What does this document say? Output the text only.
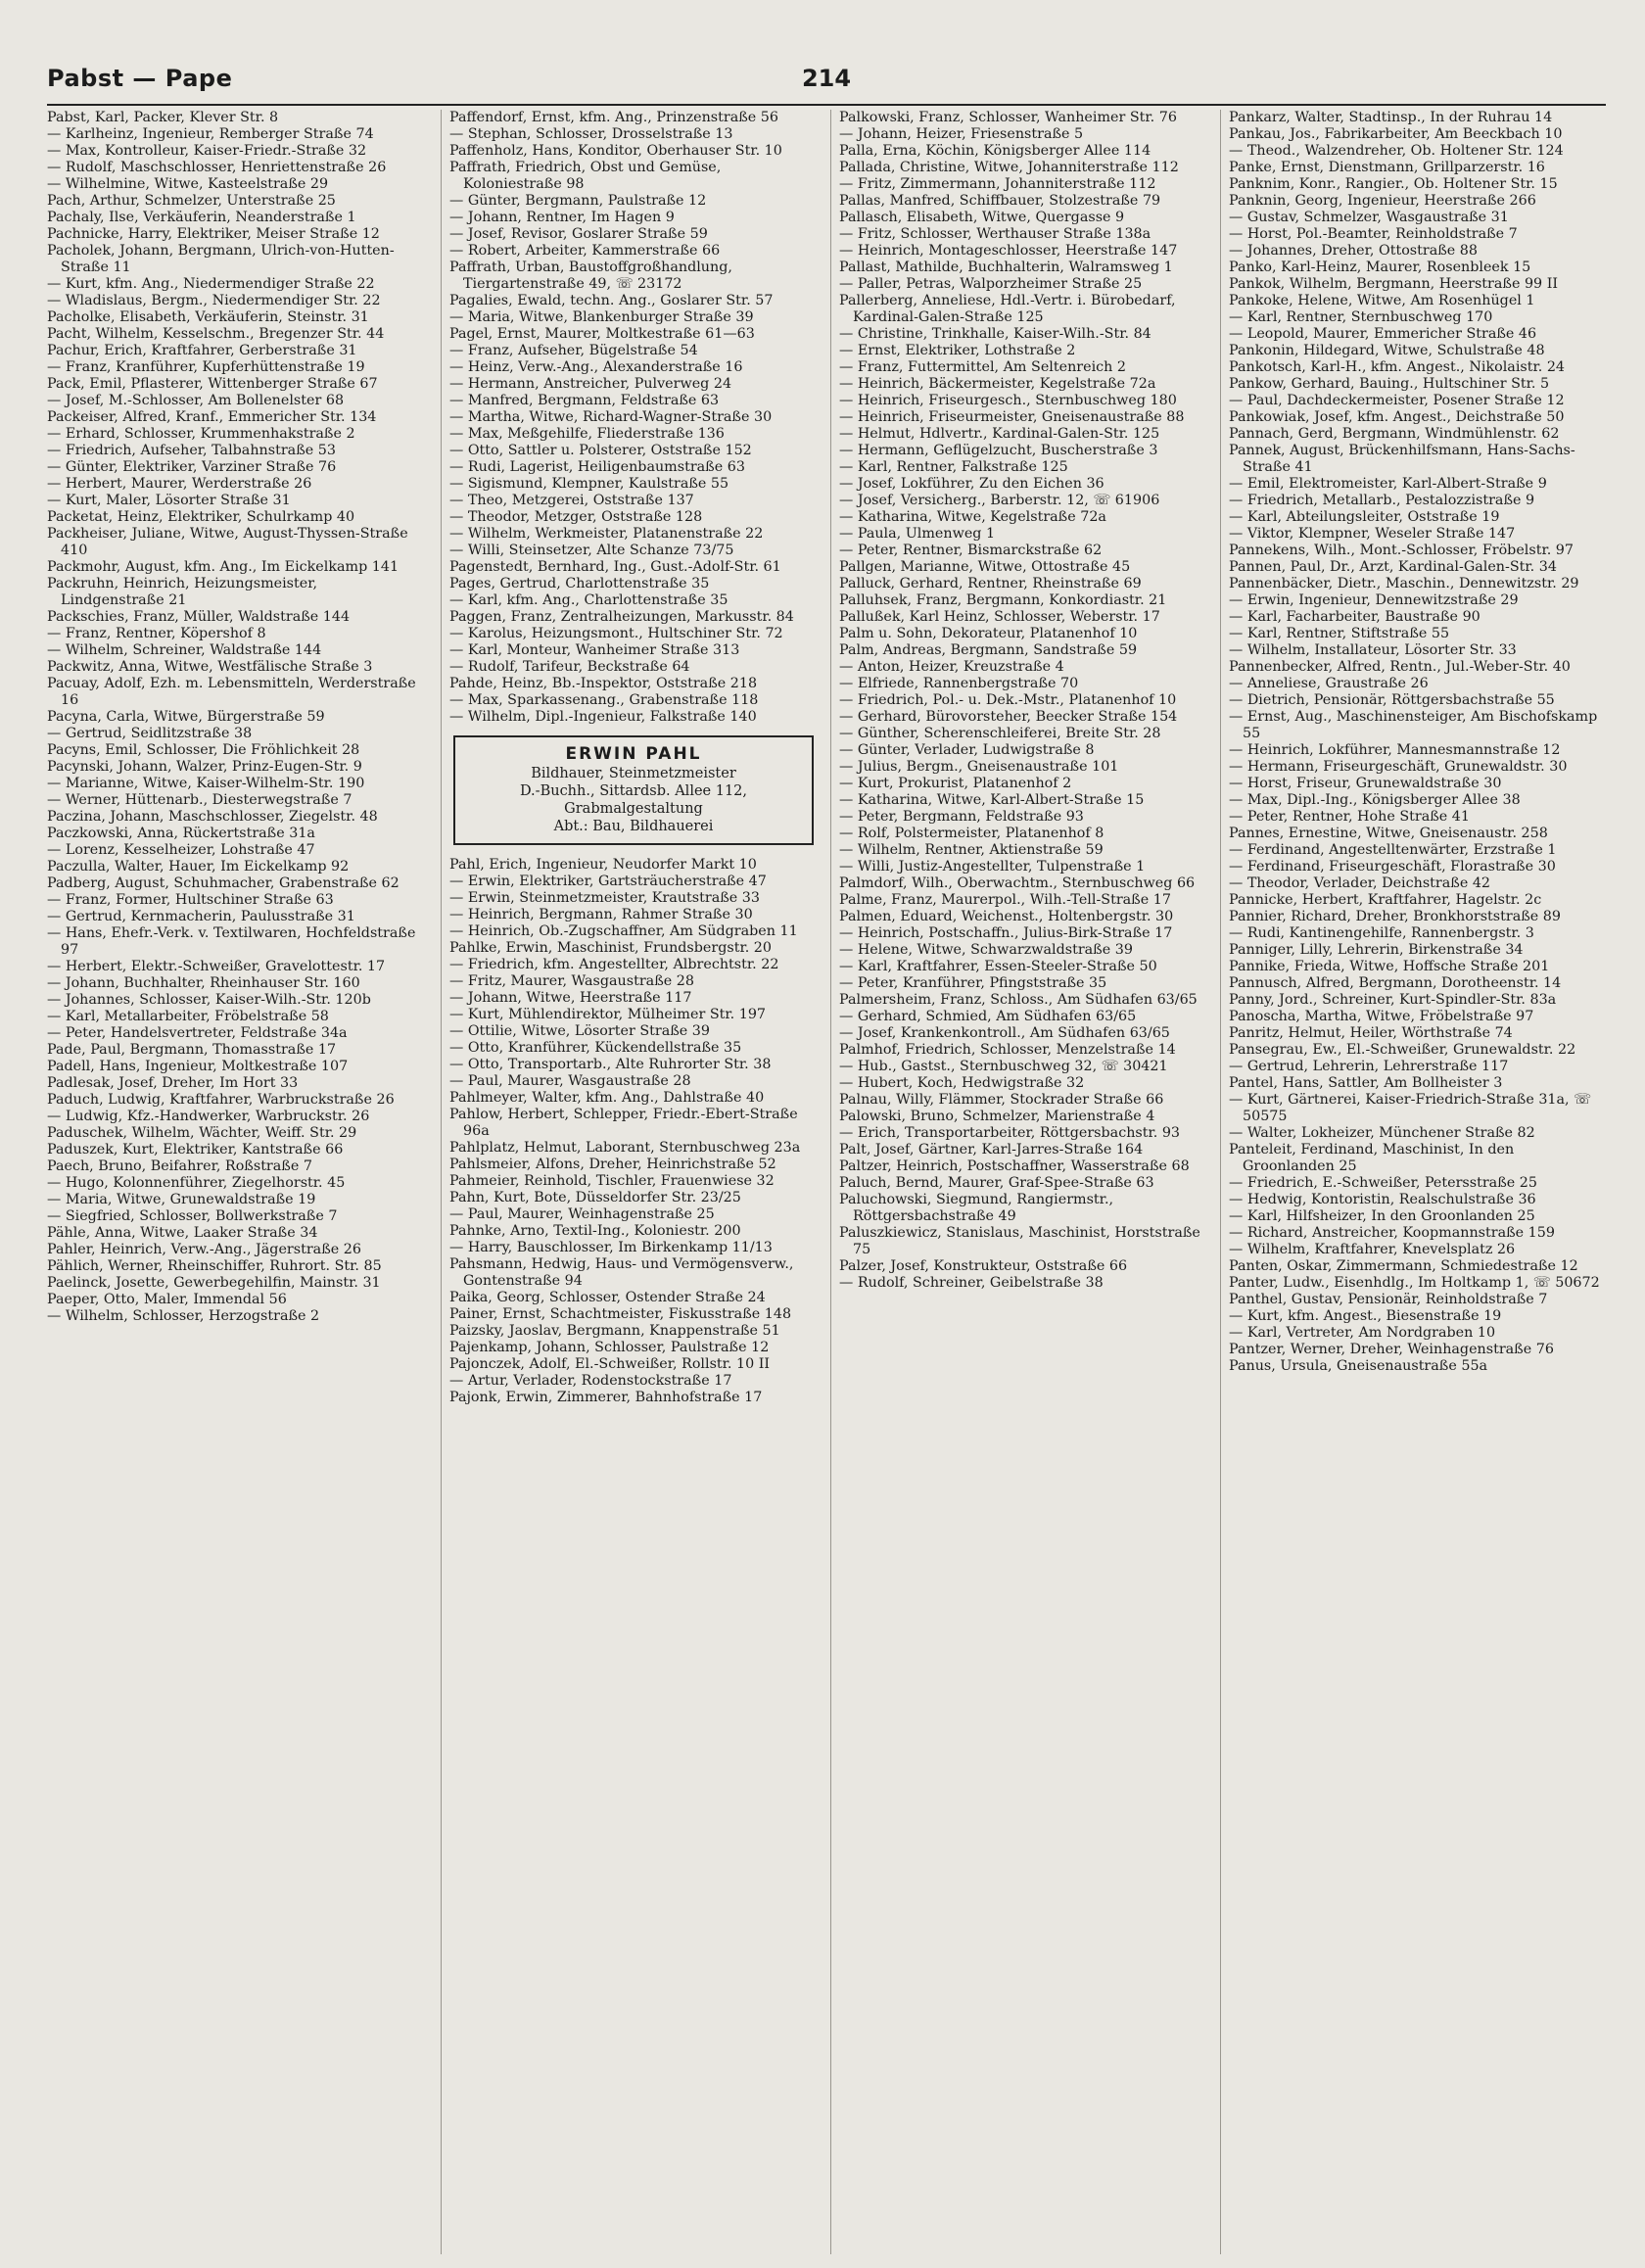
Pabst — Pape	214

Pabst, Karl, Packer, Klever Str. 8

— Karlheinz, Ingenieur, Remberger Straße 74

— Max, Kontrolleur, Kaiser-Friedr.-Straße 32

— Rudolf, Maschschlosser, Henriettenstraße 26

— Wilhelmine, Witwe, Kasteelstraße 29

Pach, Arthur, Schmelzer, Unterstraße 25

Pachaly, Ilse, Verkäuferin, Neanderstraße 1

Pachnicke, Harry, Elektriker, Meiser Straße 12

Pacholek, Johann, Bergmann, Ulrich-von-Hutten-Straße 11

— Kurt, kfm. Ang., Niedermendiger Straße 22

— Wladislaus, Bergm., Niedermendiger Str. 22

Pacholke, Elisabeth, Verkäuferin, Steinstr. 31

Pacht, Wilhelm, Kesselschm., Bregenzer Str. 44

Pachur, Erich, Kraftfahrer, Gerberstraße 31

— Franz, Kranführer, Kupferhüttenstraße 19

Pack, Emil, Pflasterer, Wittenberger Straße 67

— Josef, M.-Schlosser, Am Bollenelster 68

Packeiser, Alfred, Kranf., Emmericher Str. 134

— Erhard, Schlosser, Krummenhakstraße 2

— Friedrich, Aufseher, Talbahnstraße 53

— Günter, Elektriker, Varziner Straße 76

— Herbert, Maurer, Werderstraße 26

— Kurt, Maler, Lösorter Straße 31

Packetat, Heinz, Elektriker, Schulrkamp 40

Packheiser, Juliane, Witwe, August-Thyssen-Straße 410

Packmohr, August, kfm. Ang., Im Eickelkamp 141

Packruhn, Heinrich, Heizungsmeister, Lindgenstraße 21

Packschies, Franz, Müller, Waldstraße 144

— Franz, Rentner, Köpershof 8

— Wilhelm, Schreiner, Waldstraße 144

Packwitz, Anna, Witwe, Westfälische Straße 3

Pacuay, Adolf, Ezh. m. Lebensmitteln, Werderstraße 16

Pacyna, Carla, Witwe, Bürgerstraße 59

— Gertrud, Seidlitzstraße 38

Pacyns, Emil, Schlosser, Die Fröhlichkeit 28

Pacynski, Johann, Walzer, Prinz-Eugen-Str. 9

— Marianne, Witwe, Kaiser-Wilhelm-Str. 190

— Werner, Hüttenarb., Diesterwegstraße 7

Paczina, Johann, Maschschlosser, Ziegelstr. 48

Paczkowski, Anna, Rückertstraße 31a

— Lorenz, Kesselheizer, Lohstraße 47

Paczulla, Walter, Hauer, Im Eickelkamp 92

Padberg, August, Schuhmacher, Grabenstraße 62

— Franz, Former, Hultschiner Straße 63

— Gertrud, Kernmacherin, Paulusstraße 31

— Hans, Ehefr.-Verk. v. Textilwaren, Hochfeldstraße 97

— Herbert, Elektr.-Schweißer, Gravelottestr. 17

— Johann, Buchhalter, Rheinhauser Str. 160

— Johannes, Schlosser, Kaiser-Wilh.-Str. 120b

— Karl, Metallarbeiter, Fröbelstraße 58

— Peter, Handelsvertreter, Feldstraße 34a

Pade, Paul, Bergmann, Thomasstraße 17

Padell, Hans, Ingenieur, Moltkestraße 107

Padlesak, Josef, Dreher, Im Hort 33

Paduch, Ludwig, Kraftfahrer, Warbruckstraße 26

— Ludwig, Kfz.-Handwerker, Warbruckstr. 26

Paduschek, Wilhelm, Wächter, Weiff. Str. 29

Paduszek, Kurt, Elektriker, Kantstraße 66

Paech, Bruno, Beifahrer, Roßstraße 7

— Hugo, Kolonnenführer, Ziegelhorstr. 45

— Maria, Witwe, Grunewaldstraße 19

— Siegfried, Schlosser, Bollwerkstraße 7

Pähle, Anna, Witwe, Laaker Straße 34

Pahler, Heinrich, Verw.-Ang., Jägerstraße 26

Pählich, Werner, Rheinschiffer, Ruhrort. Str. 85

Paelinck, Josette, Gewerbegehilfin, Mainstr. 31

Paeper, Otto, Maler, Immendal 56

— Wilhelm, Schlosser, Herzogstraße 2

Paffendorf, Ernst, kfm. Ang., Prinzenstraße 56

— Stephan, Schlosser, Drosselstraße 13

Paffenholz, Hans, Konditor, Oberhauser Str. 10

Paffrath, Friedrich, Obst und Gemüse, Koloniestraße 98

— Günter, Bergmann, Paulstraße 12

— Johann, Rentner, Im Hagen 9

— Josef, Revisor, Goslarer Straße 59

— Robert, Arbeiter, Kammerstraße 66

Paffrath, Urban, Baustoffgroßhandlung, Tiergartenstraße 49, ☏ 23172

Pagalies, Ewald, techn. Ang., Goslarer Str. 57

— Maria, Witwe, Blankenburger Straße 39

Pagel, Ernst, Maurer, Moltkestraße 61—63

— Franz, Aufseher, Bügelstraße 54

— Heinz, Verw.-Ang., Alexanderstraße 16

— Hermann, Anstreicher, Pulverweg 24

— Manfred, Bergmann, Feldstraße 63

— Martha, Witwe, Richard-Wagner-Straße 30

— Max, Meßgehilfe, Fliederstraße 136

— Otto, Sattler u. Polsterer, Oststraße 152

— Rudi, Lagerist, Heiligenbaumstraße 63

— Sigismund, Klempner, Kaulstraße 55

— Theo, Metzgerei, Oststraße 137

— Theodor, Metzger, Oststraße 128

— Wilhelm, Werkmeister, Platanenstraße 22

— Willi, Steinsetzer, Alte Schanze 73/75

Pagenstedt, Bernhard, Ing., Gust.-Adolf-Str. 61

Pages, Gertrud, Charlottenstraße 35

— Karl, kfm. Ang., Charlottenstraße 35

Paggen, Franz, Zentralheizungen, Markusstr. 84

— Karolus, Heizungsmont., Hultschiner Str. 72

— Karl, Monteur, Wanheimer Straße 313

— Rudolf, Tarifeur, Beckstraße 64

Pahde, Heinz, Bb.-Inspektor, Oststraße 218

— Max, Sparkassenang., Grabenstraße 118

— Wilhelm, Dipl.-Ingenieur, Falkstraße 140

ERWIN PAHL
Bildhauer, Steinmetzmeister
D.-Buchh., Sittardsb. Allee 112,
Grabmalgestaltung
Abt.: Bau, Bildhauerei

Pahl, Erich, Ingenieur, Neudorfer Markt 10

— Erwin, Elektriker, Gartsträucherstraße 47

— Erwin, Steinmetzmeister, Krautstraße 33

— Heinrich, Bergmann, Rahmer Straße 30

— Heinrich, Ob.-Zugschaffner, Am Südgraben 11

Pahlke, Erwin, Maschinist, Frundsbergstr. 20

— Friedrich, kfm. Angestellter, Albrechtstr. 22

— Fritz, Maurer, Wasgaustraße 28

— Johann, Witwe, Heerstraße 117

— Kurt, Mühlendirektor, Mülheimer Str. 197

— Ottilie, Witwe, Lösorter Straße 39

— Otto, Kranführer, Kückendellstraße 35

— Otto, Transportarb., Alte Ruhrorter Str. 38

— Paul, Maurer, Wasgaustraße 28

Pahlmeyer, Walter, kfm. Ang., Dahlstraße 40

Pahlow, Herbert, Schlepper, Friedr.-Ebert-Straße 96a

Pahlplatz, Helmut, Laborant, Sternbuschweg 23a

Pahlsmeier, Alfons, Dreher, Heinrichstraße 52

Pahmeier, Reinhold, Tischler, Frauenwiese 32

Pahn, Kurt, Bote, Düsseldorfer Str. 23/25

— Paul, Maurer, Weinhagenstraße 25

Pahnke, Arno, Textil-Ing., Koloniestr. 200

— Harry, Bauschlosser, Im Birkenkamp 11/13

Pahsmann, Hedwig, Haus- und Vermögensverw., Gontenstraße 94

Paika, Georg, Schlosser, Ostender Straße 24

Painer, Ernst, Schachtmeister, Fiskusstraße 148

Paizsky, Jaoslav, Bergmann, Knappenstraße 51

Pajenkamp, Johann, Schlosser, Paulstraße 12

Pajonczek, Adolf, El.-Schweißer, Rollstr. 10 II

— Artur, Verlader, Rodenstockstraße 17

Pajonk, Erwin, Zimmerer, Bahnhofstraße 17

Palkowski, Franz, Schlosser, Wanheimer Str. 76

— Johann, Heizer, Friesenstraße 5

Palla, Erna, Köchin, Königsberger Allee 114

Pallada, Christine, Witwe, Johanniterstraße 112

— Fritz, Zimmermann, Johanniterstraße 112

Pallas, Manfred, Schiffbauer, Stolzestraße 79

Pallasch, Elisabeth, Witwe, Quergasse 9

— Fritz, Schlosser, Werthauser Straße 138a

— Heinrich, Montageschlosser, Heerstraße 147

Pallast, Mathilde, Buchhalterin, Walramsweg 1

— Paller, Petras, Walporzheimer Straße 25

Pallerberg, Anneliese, Hdl.-Vertr. i. Bürobedarf, Kardinal-Galen-Straße 125

— Christine, Trinkhalle, Kaiser-Wilh.-Str. 84

— Ernst, Elektriker, Lothstraße 2

— Franz, Futtermittel, Am Seltenreich 2

— Heinrich, Bäckermeister, Kegelstraße 72a

— Heinrich, Friseurgesch., Sternbuschweg 180

— Heinrich, Friseurmeister, Gneisenaustraße 88

— Helmut, Hdlvertr., Kardinal-Galen-Str. 125

— Hermann, Geflügelzucht, Buscherstraße 3

— Karl, Rentner, Falkstraße 125

— Josef, Lokführer, Zu den Eichen 36

— Josef, Versicherg., Barberstr. 12, ☏ 61906

— Katharina, Witwe, Kegelstraße 72a

— Paula, Ulmenweg 1

— Peter, Rentner, Bismarckstraße 62

Pallgen, Marianne, Witwe, Ottostraße 45

Palluck, Gerhard, Rentner, Rheinstraße 69

Palluhsek, Franz, Bergmann, Konkordiastr. 21

Pallußek, Karl Heinz, Schlosser, Weberstr. 17

Palm u. Sohn, Dekorateur, Platanenhof 10

Palm, Andreas, Bergmann, Sandstraße 59

— Anton, Heizer, Kreuzstraße 4

— Elfriede, Rannenbergstraße 70

— Friedrich, Pol.- u. Dek.-Mstr., Platanenhof 10

— Gerhard, Bürovorsteher, Beecker Straße 154

— Günther, Scherenschleiferei, Breite Str. 28

— Günter, Verlader, Ludwigstraße 8

— Julius, Bergm., Gneisenaustraße 101

— Kurt, Prokurist, Platanenhof 2

— Katharina, Witwe, Karl-Albert-Straße 15

— Peter, Bergmann, Feldstraße 93

— Rolf, Polstermeister, Platanenhof 8

— Wilhelm, Rentner, Aktienstraße 59

— Willi, Justiz-Angestellter, Tulpenstraße 1

Palmdorf, Wilh., Oberwachtm., Sternbuschweg 66

Palme, Franz, Maurerpol., Wilh.-Tell-Straße 17

Palmen, Eduard, Weichenst., Holtenbergstr. 30

— Heinrich, Postschaffn., Julius-Birk-Straße 17

— Helene, Witwe, Schwarzwaldstraße 39

— Karl, Kraftfahrer, Essen-Steeler-Straße 50

— Peter, Kranführer, Pfingststraße 35

Palmersheim, Franz, Schloss., Am Südhafen 63/65

— Gerhard, Schmied, Am Südhafen 63/65

— Josef, Krankenkontroll., Am Südhafen 63/65

Palmhof, Friedrich, Schlosser, Menzelstraße 14

— Hub., Gastst., Sternbuschweg 32, ☏ 30421

— Hubert, Koch, Hedwigstraße 32

Palnau, Willy, Flämmer, Stockrader Straße 66

Palowski, Bruno, Schmelzer, Marienstraße 4

— Erich, Transportarbeiter, Röttgersbachstr. 93

Palt, Josef, Gärtner, Karl-Jarres-Straße 164

Paltzer, Heinrich, Postschaffner, Wasserstraße 68

Paluch, Bernd, Maurer, Graf-Spee-Straße 63

Paluchowski, Siegmund, Rangiermstr., Röttgersbachstraße 49

Paluszkiewicz, Stanislaus, Maschinist, Horststraße 75

Palzer, Josef, Konstrukteur, Oststraße 66

— Rudolf, Schreiner, Geibelstraße 38

Pankarz, Walter, Stadtinsp., In der Ruhrau 14

Pankau, Jos., Fabrikarbeiter, Am Beeckbach 10

— Theod., Walzendreher, Ob. Holtener Str. 124

Panke, Ernst, Dienstmann, Grillparzerstr. 16

Panknim, Konr., Rangier., Ob. Holtener Str. 15

Panknin, Georg, Ingenieur, Heerstraße 266

— Gustav, Schmelzer, Wasgaustraße 31

— Horst, Pol.-Beamter, Reinholdstraße 7

— Johannes, Dreher, Ottostraße 88

Panko, Karl-Heinz, Maurer, Rosenbleek 15

Pankok, Wilhelm, Bergmann, Heerstraße 99 II

Pankoke, Helene, Witwe, Am Rosenhügel 1

— Karl, Rentner, Sternbuschweg 170

— Leopold, Maurer, Emmericher Straße 46

Pankonin, Hildegard, Witwe, Schulstraße 48

Pankotsch, Karl-H., kfm. Angest., Nikolaistr. 24

Pankow, Gerhard, Bauing., Hultschiner Str. 5

— Paul, Dachdeckermeister, Posener Straße 12

Pankowiak, Josef, kfm. Angest., Deichstraße 50

Pannach, Gerd, Bergmann, Windmühlenstr. 62

Pannek, August, Brückenhilfsmann, Hans-Sachs-Straße 41

— Emil, Elektromeister, Karl-Albert-Straße 9

— Friedrich, Metallarb., Pestalozzistraße 9

— Karl, Abteilungsleiter, Oststraße 19

— Viktor, Klempner, Weseler Straße 147

Pannekens, Wilh., Mont.-Schlosser, Fröbelstr. 97

Pannen, Paul, Dr., Arzt, Kardinal-Galen-Str. 34

Pannenbäcker, Dietr., Maschin., Dennewitzstr. 29

— Erwin, Ingenieur, Dennewitzstraße 29

— Karl, Facharbeiter, Baustraße 90

— Karl, Rentner, Stiftstraße 55

— Wilhelm, Installateur, Lösorter Str. 33

Pannenbecker, Alfred, Rentn., Jul.-Weber-Str. 40

— Anneliese, Graustraße 26

— Dietrich, Pensionär, Röttgersbachstraße 55

— Ernst, Aug., Maschinensteiger, Am Bischofskamp 55

— Heinrich, Lokführer, Mannesmannstraße 12

— Hermann, Friseurgeschäft, Grunewaldstr. 30

— Horst, Friseur, Grunewaldstraße 30

— Max, Dipl.-Ing., Königsberger Allee 38

— Peter, Rentner, Hohe Straße 41

Pannes, Ernestine, Witwe, Gneisenaustr. 258

— Ferdinand, Angestelltenwärter, Erzstraße 1

— Ferdinand, Friseurgeschäft, Florastraße 30

— Theodor, Verlader, Deichstraße 42

Pannicke, Herbert, Kraftfahrer, Hagelstr. 2c

Pannier, Richard, Dreher, Bronkhorststraße 89

— Rudi, Kantinengehilfe, Rannenbergstr. 3

Panniger, Lilly, Lehrerin, Birkenstraße 34

Pannike, Frieda, Witwe, Hoffsche Straße 201

Pannusch, Alfred, Bergmann, Dorotheenstr. 14

Panny, Jord., Schreiner, Kurt-Spindler-Str. 83a

Panoscha, Martha, Witwe, Fröbelstraße 97

Panritz, Helmut, Heiler, Wörthstraße 74

Pansegrau, Ew., El.-Schweißer, Grunewaldstr. 22

— Gertrud, Lehrerin, Lehrerstraße 117

Pantel, Hans, Sattler, Am Bollheister 3

— Kurt, Gärtnerei, Kaiser-Friedrich-Straße 31a, ☏ 50575

— Walter, Lokheizer, Münchener Straße 82

Panteleit, Ferdinand, Maschinist, In den Groonlanden 25

— Friedrich, E.-Schweißer, Petersstraße 25

— Hedwig, Kontoristin, Realschulstraße 36

— Karl, Hilfsheizer, In den Groonlanden 25

— Richard, Anstreicher, Koopmannstraße 159

— Wilhelm, Kraftfahrer, Knevelsplatz 26

Panten, Oskar, Zimmermann, Schmiedestraße 12

Panter, Ludw., Eisenhdlg., Im Holtkamp 1, ☏ 50672

Panthel, Gustav, Pensionär, Reinholdstraße 7

— Kurt, kfm. Angest., Biesenstraße 19

— Karl, Vertreter, Am Nordgraben 10

Pantzer, Werner, Dreher, Weinhagenstraße 76

Panus, Ursula, Gneisenaustraße 55a
